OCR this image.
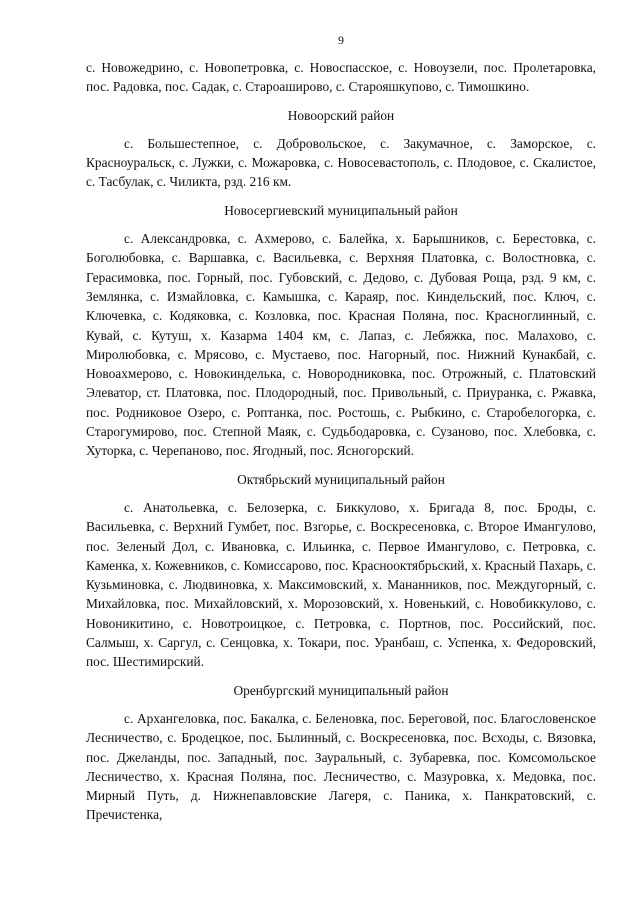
9

с. Новожедрино, с. Новопетровка, с. Новоспасское, с. Новоузели, пос. Пролетаровка, пос. Радовка, пос. Садак, с. Староаширово, с. Старояшкупово, с. Тимошкино.

Новоорский район

с. Большестепное, с. Добровольское, с. Закумачное, с. Заморское, с. Красноуральск, с. Лужки, с. Можаровка, с. Новосевастополь, с. Плодовое, с. Скалистое, с. Тасбулак, с. Чиликта, рзд. 216 км.

Новосергиевский муниципальный район

с. Александровка, с. Ахмерово, с. Балейка, х. Барышников, с. Берестовка, с. Боголюбовка, с. Варшавка, с. Васильевка, с. Верхняя Платовка, с. Волостновка, с. Герасимовка, пос. Горный, пос. Губовский, с. Дедово, с. Дубовая Роща, рзд. 9 км, с. Землянка, с. Измайловка, с. Камышка, с. Караяр, пос. Киндельский, пос. Ключ, с. Ключевка, с. Кодяковка, с. Козловка, пос. Красная Поляна, пос. Красноглинный, с. Кувай, с. Кутуш, х. Казарма 1404 км, с. Лапаз, с. Лебяжка, пос. Малахово, с. Миролюбовка, с. Мрясово, с. Мустаево, пос. Нагорный, пос. Нижний Кунакбай, с. Новоахмерово, с. Новокинделька, с. Новородниковка, пос. Отрожный, с. Платовский Элеватор, ст. Платовка, пос. Плодородный, пос. Привольный, с. Приуранка, с. Ржавка, пос. Родниковое Озеро, с. Роптанка, пос. Ростошь, с. Рыбкино, с. Старобелогорка, с. Старогумирово, пос. Степной Маяк, с. Судьбодаровка, с. Сузаново, пос. Хлебовка, с. Хуторка, с. Черепаново, пос. Ягодный, пос. Ясногорский.

Октябрьский муниципальный район

с. Анатольевка, с. Белозерка, с. Биккулово, х. Бригада 8, пос. Броды, с. Васильевка, с. Верхний Гумбет, пос. Взгорье, с. Воскресеновка, с. Второе Имангулово, пос. Зеленый Дол, с. Ивановка, с. Ильинка, с. Первое Имангулово, с. Петровка, с. Каменка, х. Кожевников, с. Комиссарово, пос. Краснооктябрьский, х. Красный Пахарь, с. Кузьминовка, с. Людвиновка, х. Максимовский, х. Мананников, пос. Междугорный, с. Михайловка, пос. Михайловский, х. Морозовский, х. Новенький, с. Новобиккулово, с. Новоникитино, с. Новотроицкое, с. Петровка, с. Портнов, пос. Российский, пос. Салмыш, х. Саргул, с. Сенцовка, х. Токари, пос. Уранбаш, с. Успенка, х. Федоровский, пос. Шестимирский.

Оренбургский муниципальный район

с. Архангеловка, пос. Бакалка, с. Беленовка, пос. Береговой, пос. Благословенское Лесничество, с. Бродецкое, пос. Былинный, с. Воскресеновка, пос. Всходы, с. Вязовка, пос. Джеланды, пос. Западный, пос. Зауральный, с. Зубаревка, пос. Комсомольское Лесничество, х. Красная Поляна, пос. Лесничество, с. Мазуровка, х. Медовка, пос. Мирный Путь, д. Нижнепавловские Лагеря, с. Паника, х. Панкратовский, с. Пречистенка,
